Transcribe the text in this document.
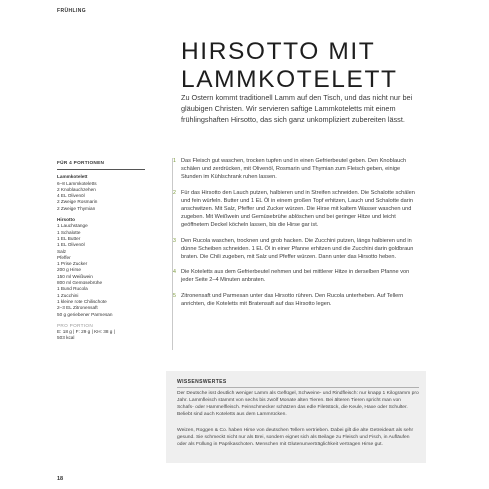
FRÜHLING
HIRSOTTO MIT
LAMMKOTELETT
Zu Ostern kommt traditionell Lamm auf den Tisch, und das nicht nur bei gläubigen Christen. Wir servieren saftige Lammkoteletts mit einem frühlingshaften Hirsotto, das sich ganz unkompliziert zubereiten lässt.
FÜR 4 PORTIONEN
Lammkotelett
6–8 Lammkoteletts
2 Knoblauchzehen
4 EL Olivenöl
2 Zweige Rosmarin
2 Zweige Thymian
Hirsotto
1 Lauchstange
1 Schalotte
1 EL Butter
1 EL Olivenöl
Salz
Pfeffer
1 Prise Zucker
200 g Hirse
150 ml Weißwein
800 ml Gemüsebrühe
1 Bund Rucola
1 Zucchini
1 kleine rote Chilischote
2–3 EL Zitronensaft
50 g geriebener Parmesan
PRO PORTION
E: 18 g | F: 29 g | KH: 38 g |
503 kcal
1 Das Fleisch gut waschen, trocken tupfen und in einen Gefrierbeutel geben. Den Knoblauch schälen und zerdrücken, mit Olivenöl, Rosmarin und Thymian zum Fleisch geben, einige Stunden im Kühlschrank ruhen lassen.
2 Für das Hirsotto den Lauch putzen, halbieren und in Streifen schneiden. Die Schalotte schälen und fein würfeln. Butter und 1 EL Öl in einem großen Topf erhitzen, Lauch und Schalotte darin anschwitzen. Mit Salz, Pfeffer und Zucker würzen. Die Hirse mit kaltem Wasser waschen und zugeben. Mit Weißwein und Gemüsebrühe ablöschen und bei geringer Hitze und leicht geöffnetem Deckel köcheln lassen, bis die Hirse gar ist.
3 Den Rucola waschen, trocknen und grob hacken. Die Zucchini putzen, längs halbieren und in dünne Scheiben schneiden. 1 EL Öl in einer Pfanne erhitzen und die Zucchini darin goldbraun braten. Die Chili zugeben, mit Salz und Pfeffer würzen. Dann unter das Hirsotto heben.
4 Die Koteletts aus dem Gefrierbeutel nehmen und bei mittlerer Hitze in derselben Pfanne von jeder Seite 2–4 Minuten anbraten.
5 Zitronensaft und Parmesan unter das Hirsotto rühren. Den Rucola unterheben. Auf Tellern anrichten, die Koteletts mit Bratensaft auf das Hirsotto legen.
WISSENSWERTES
Der Deutsche isst deutlich weniger Lamm als Geflügel, Schweine- und Rindfleisch: nur knapp 1 Kilogramm pro Jahr. Lammfleisch stammt von sechs bis zwölf Monate alten Tieren. Bei älteren Tieren spricht man von Schafs- oder Hammelfleisch. Feinschmecker schätzen das edle Filetstück, die Keule, Haxe oder Schulter. Beliebt sind auch Koteletts aus dem Lammrücken.
Weizen, Roggen & Co. haben Hirse von deutschen Tellern vertrieben. Dabei gilt die alte Getreideart als sehr gesund. Sie schmeckt nicht nur als Brei, sondern eignet sich als Beilage zu Fleisch und Fisch, in Aufläufen oder als Füllung in Paprikaschoten. Menschen mit Glutenunverträglichkeit vertragen Hirse gut.
18
